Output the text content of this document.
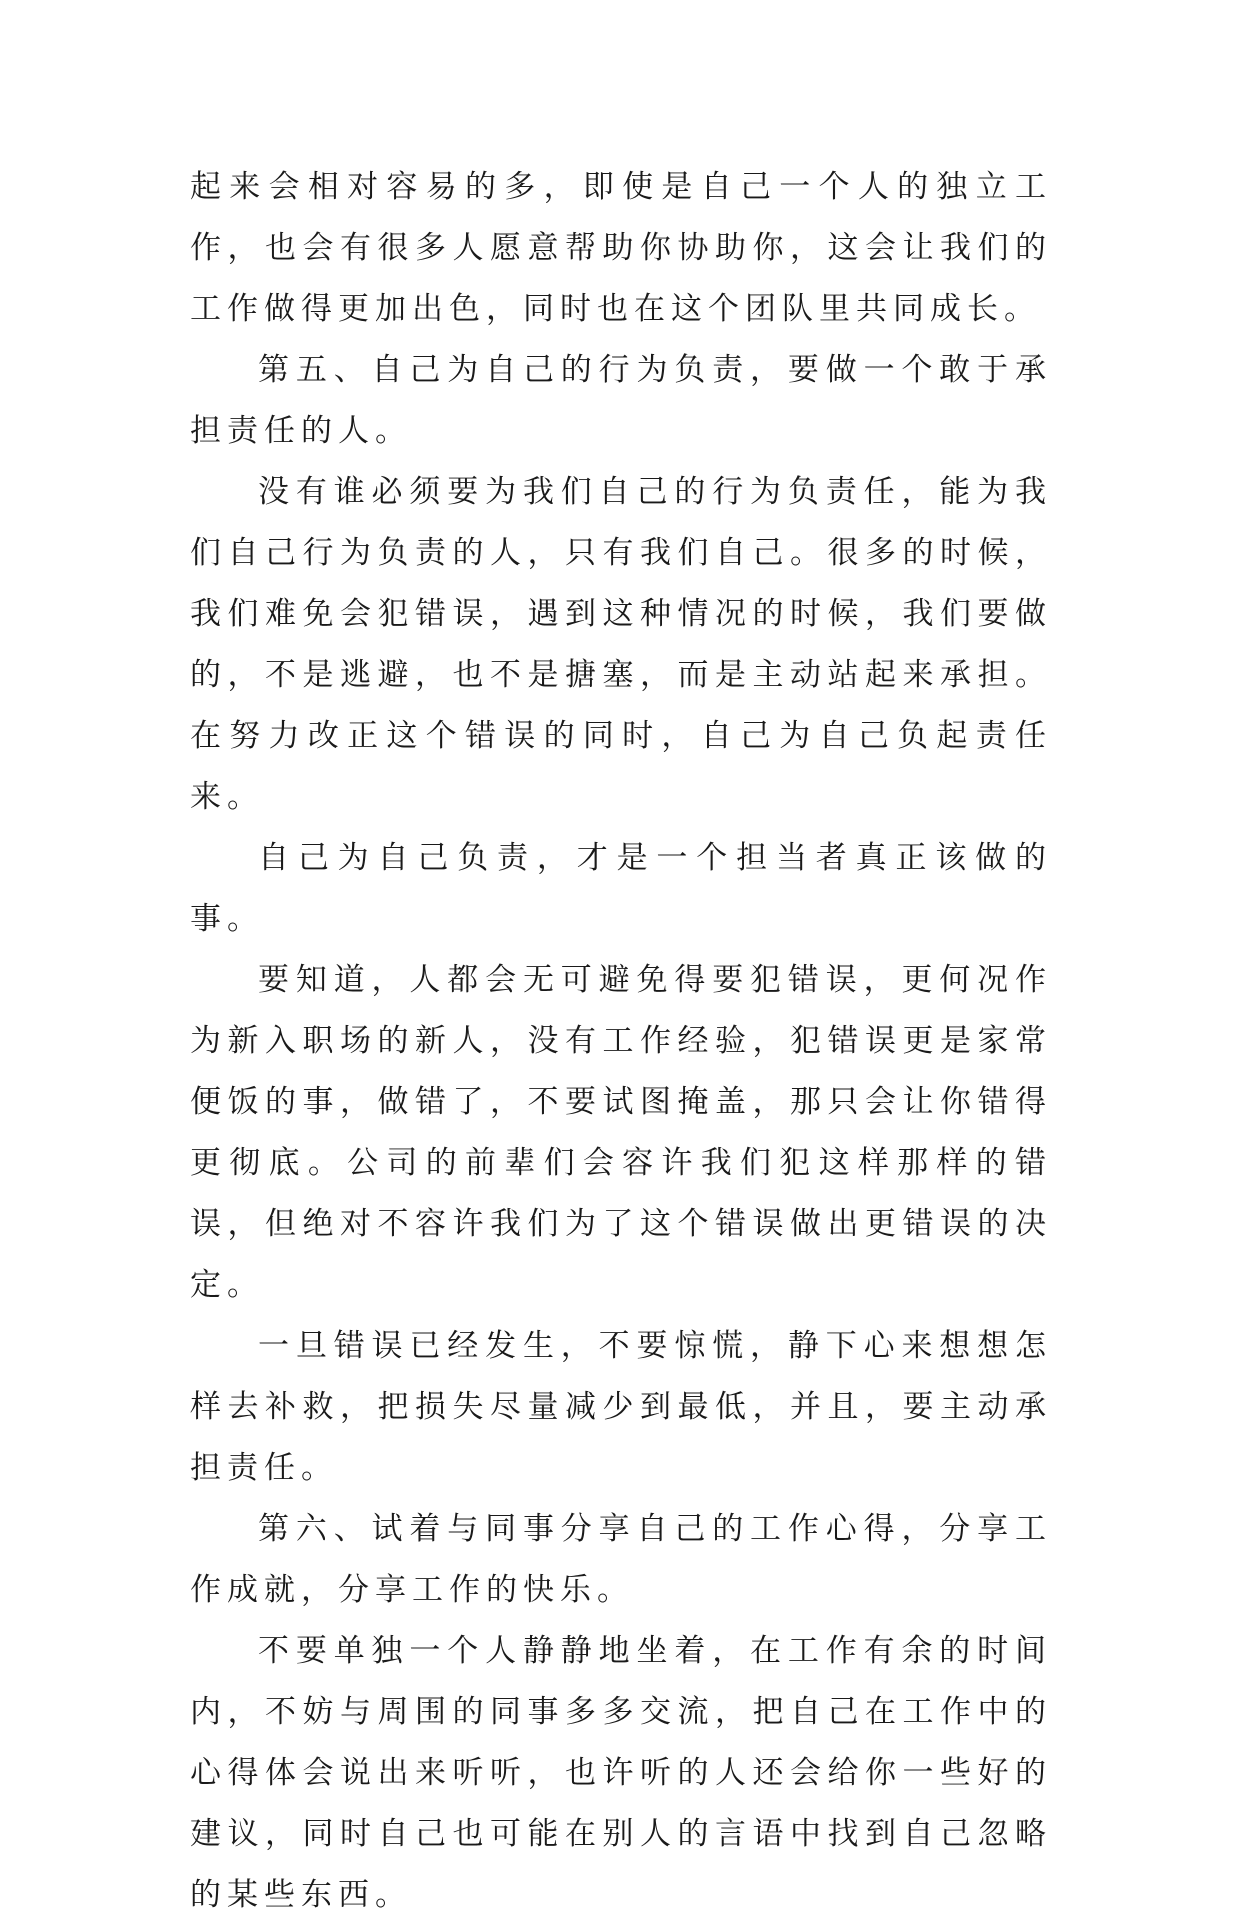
起来会相对容易的多，即使是自己一个人的独立工作，也会有很多人愿意帮助你协助你，这会让我们的工作做得更加出色，同时也在这个团队里共同成长。

第五、自己为自己的行为负责，要做一个敢于承担责任的人。

没有谁必须要为我们自己的行为负责任，能为我们自己行为负责的人，只有我们自己。很多的时候，我们难免会犯错误，遇到这种情况的时候，我们要做的，不是逃避，也不是搪塞，而是主动站起来承担。在努力改正这个错误的同时，自己为自己负起责任来。

自己为自己负责，才是一个担当者真正该做的事。

要知道，人都会无可避免得要犯错误，更何况作为新入职场的新人，没有工作经验，犯错误更是家常便饭的事，做错了，不要试图掩盖，那只会让你错得更彻底。公司的前辈们会容许我们犯这样那样的错误，但绝对不容许我们为了这个错误做出更错误的决定。

一旦错误已经发生，不要惊慌，静下心来想想怎样去补救，把损失尽量减少到最低，并且，要主动承担责任。

第六、试着与同事分享自己的工作心得，分享工作成就，分享工作的快乐。

不要单独一个人静静地坐着，在工作有余的时间内，不妨与周围的同事多多交流，把自己在工作中的心得体会说出来听听，也许听的人还会给你一些好的建议，同时自己也可能在别人的言语中找到自己忽略的某些东西。
